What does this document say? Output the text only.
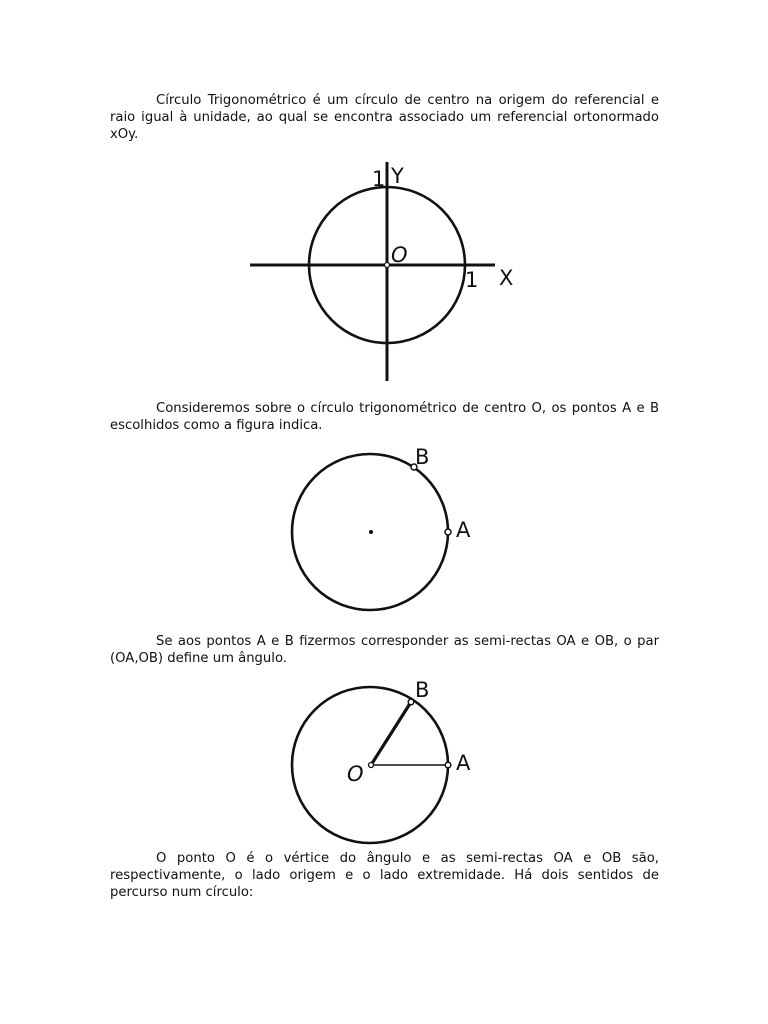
Círculo Trigonométrico é um círculo de centro na origem do referencial e raio igual à unidade, ao qual se encontra associado um referencial ortonormado xOy.

1 Y
O
1 X

Consideremos sobre o círculo trigonométrico de centro O, os pontos A e B escolhidos como a figura indica.

B
A

Se aos pontos A e B fizermos corresponder as semi-rectas OA e OB, o par (OA,OB) define um ângulo.

B
A
O

O ponto O é o vértice do ângulo e as semi-rectas OA e OB são, respectivamente, o lado origem e o lado extremidade. Há dois sentidos de percurso num círculo:
